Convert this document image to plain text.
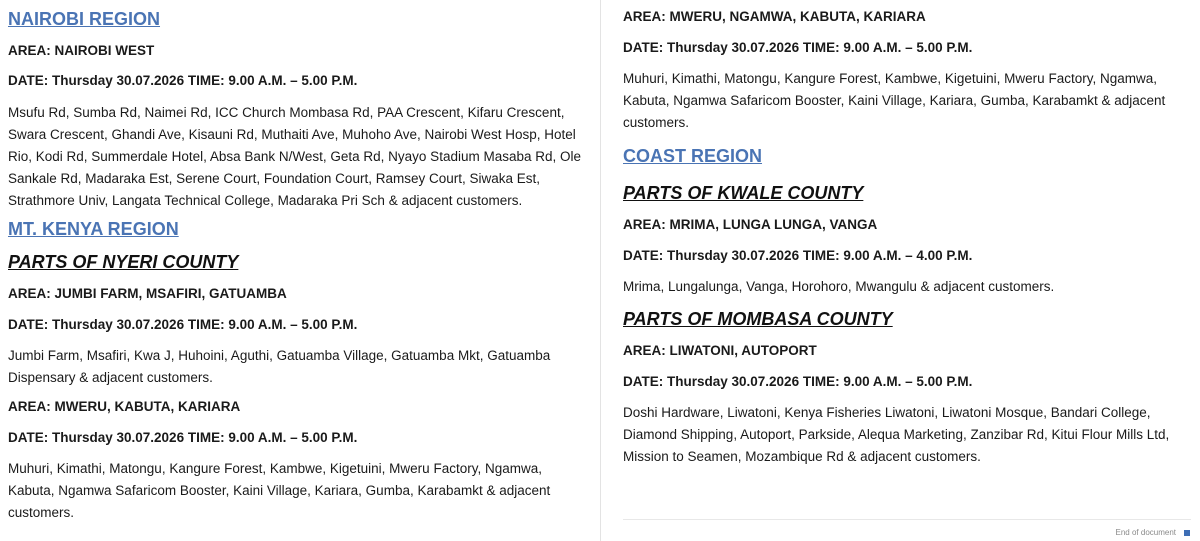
NAIROBI REGION

AREA: NAIROBI WEST

DATE: Thursday 30.07.2026 TIME: 9.00 A.M. – 5.00 P.M.

Msufu Rd, Sumba Rd, Naimei Rd, ICC Church Mombasa Rd, PAA Crescent, Kifaru Crescent, Swara Crescent, Ghandi Ave, Kisauni Rd, Muthaiti Ave, Muhoho Ave, Nairobi West Hosp, Hotel Rio, Kodi Rd, Summerdale Hotel, Absa Bank N/West, Geta Rd, Nyayo Stadium Masaba Rd, Ole Sankale Rd, Madaraka Est, Serene Court, Foundation Court, Ramsey Court, Siwaka Est, Strathmore Univ, Langata Technical College, Madaraka Pri Sch & adjacent customers.

MT. KENYA REGION
PARTS OF NYERI COUNTY

AREA: JUMBI FARM, MSAFIRI, GATUAMBA

DATE: Thursday 30.07.2026 TIME: 9.00 A.M. – 5.00 P.M.

Jumbi Farm, Msafiri, Kwa J, Huhoini, Aguthi, Gatuamba Village, Gatuamba Mkt, Gatuamba Dispensary & adjacent customers.

AREA: MWERU, KABUTA, KARIARA

DATE: Thursday 30.07.2026 TIME: 9.00 A.M. – 5.00 P.M.

Muhuri, Kimathi, Matongu, Kangure Forest, Kambwe, Kigetuini, Mweru Factory, Ngamwa, Kabuta, Ngamwa Safaricom Booster, Kaini Village, Kariara, Gumba, Karabamkt & adjacent customers.

AREA: MWERU, NGAMWA, KABUTA, KARIARA

DATE: Thursday 30.07.2026 TIME: 9.00 A.M. – 5.00 P.M.

Muhuri, Kimathi, Matongu, Kangure Forest, Kambwe, Kigetuini, Mweru Factory, Ngamwa, Kabuta, Ngamwa Safaricom Booster, Kaini Village, Kariara, Gumba, Karabamkt & adjacent customers.

COAST REGION
PARTS OF KWALE COUNTY

AREA: MRIMA, LUNGA LUNGA, VANGA

DATE: Thursday 30.07.2026 TIME: 9.00 A.M. – 4.00 P.M.

Mrima, Lungalunga, Vanga, Horohoro, Mwangulu & adjacent customers.

PARTS OF MOMBASA COUNTY

AREA: LIWATONI, AUTOPORT

DATE: Thursday 30.07.2026 TIME: 9.00 A.M. – 5.00 P.M.

Doshi Hardware, Liwatoni, Kenya Fisheries Liwatoni, Liwatoni Mosque, Bandari College, Diamond Shipping, Autoport, Parkside, Alequa Marketing, Zanzibar Rd, Kitui Flour Mills Ltd, Mission to Seamen, Mozambique Rd & adjacent customers.

End of document
